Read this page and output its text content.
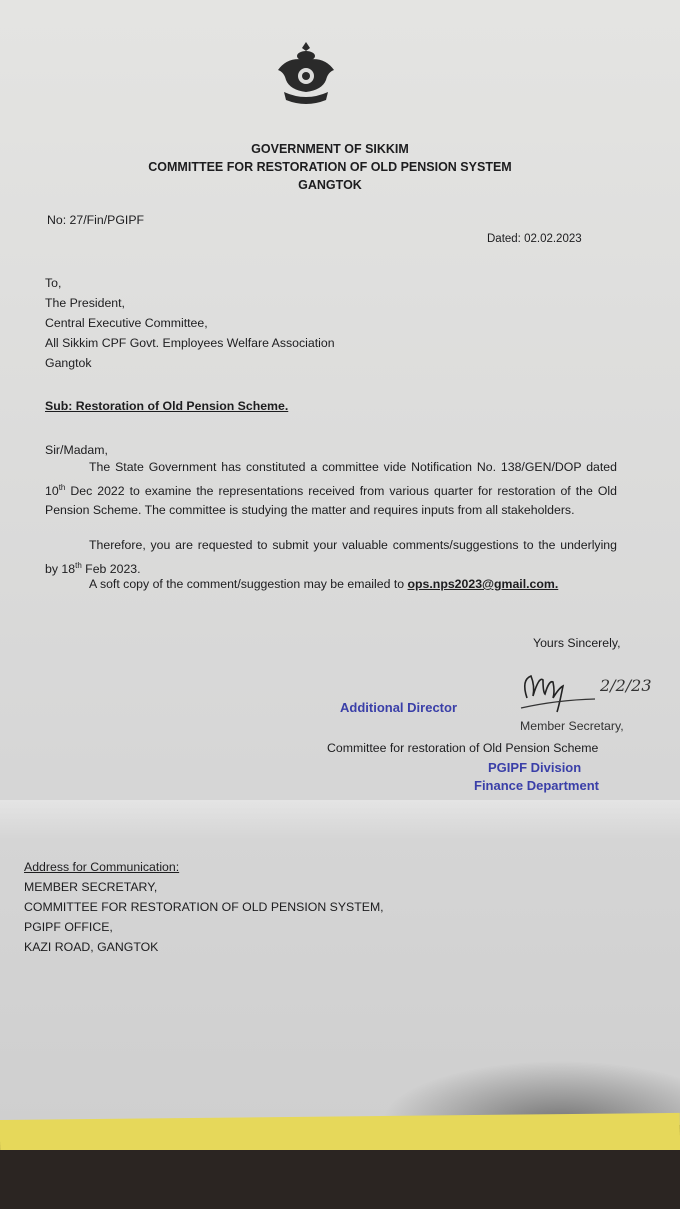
GOVERNMENT OF SIKKIM
COMMITTEE FOR RESTORATION OF OLD PENSION SYSTEM
GANGTOK
No: 27/Fin/PGIPF
Dated: 02.02.2023
To,
The President,
Central Executive Committee,
All Sikkim CPF Govt. Employees Welfare Association
Gangtok
Sub: Restoration of Old Pension Scheme.
Sir/Madam,
The State Government has constituted a committee vide Notification No. 138/GEN/DOP dated 10th Dec 2022 to examine the representations received from various quarter for restoration of the Old Pension Scheme. The committee is studying the matter and requires inputs from all stakeholders.
Therefore, you are requested to submit your valuable comments/suggestions to the underlying by 18th Feb 2023.
A soft copy of the comment/suggestion may be emailed to ops.nps2023@gmail.com.
Yours Sincerely,
2/2/23
Additional Director
Member Secretary,
Committee for restoration of Old Pension Scheme
PGIPF Division
Finance Department
Address for Communication:
MEMBER SECRETARY,
COMMITTEE FOR RESTORATION OF OLD PENSION SYSTEM,
PGIPF OFFICE,
KAZI ROAD, GANGTOK
